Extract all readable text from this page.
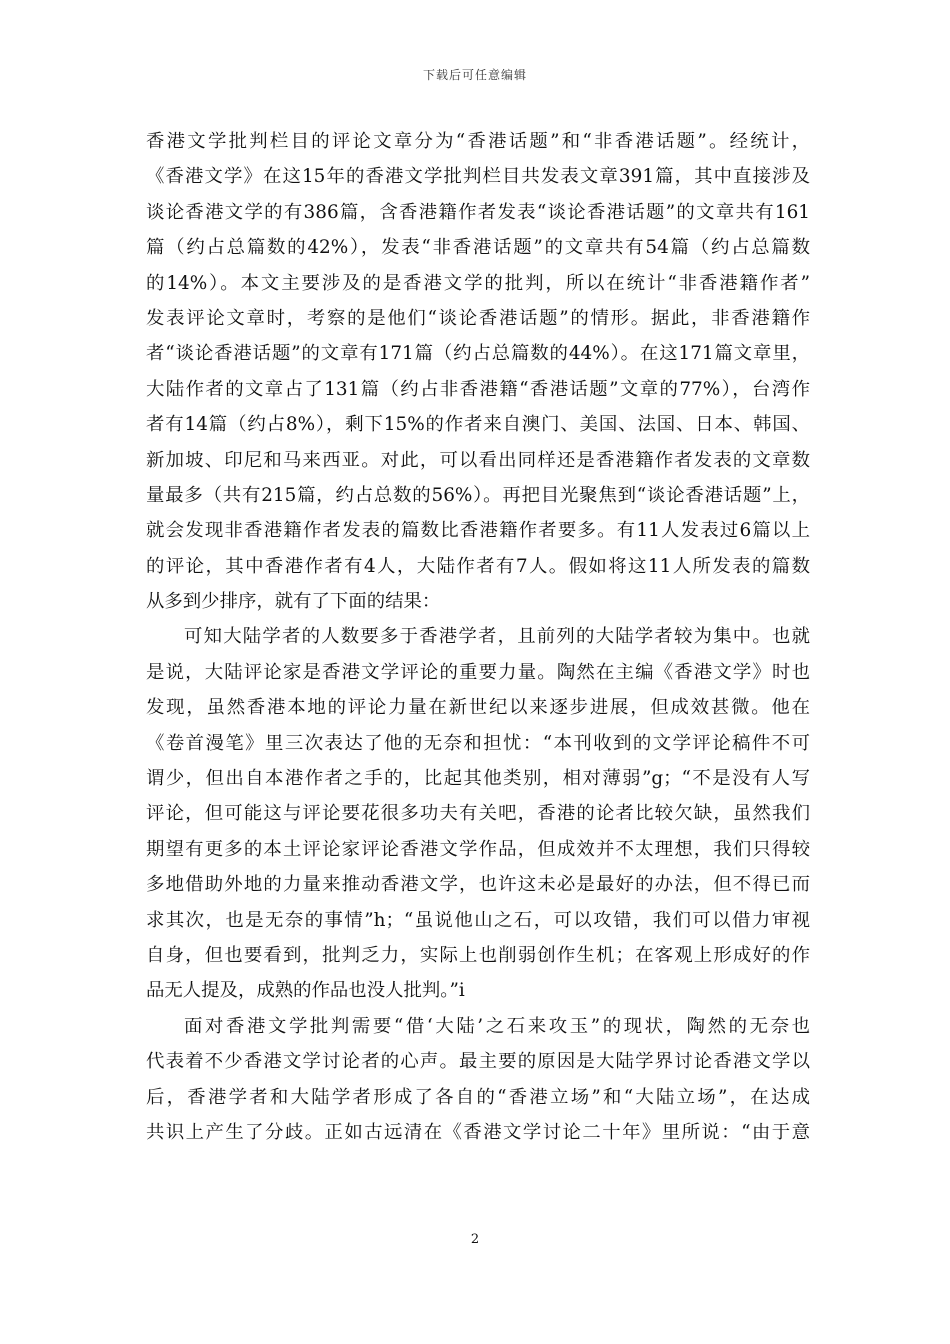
下载后可任意编辑
香港文学批判栏目的评论文章分为“香港话题”和“非香港话题”。经统计，
《香港文学》在这15年的香港文学批判栏目共发表文章391篇，其中直接涉及
谈论香港文学的有386篇，含香港籍作者发表“谈论香港话题”的文章共有161
篇（约占总篇数的42%），发表“非香港话题”的文章共有54篇（约占总篇数
的14%）。本文主要涉及的是香港文学的批判，所以在统计“非香港籍作者”
发表评论文章时，考察的是他们“谈论香港话题”的情形。据此，非香港籍作
者“谈论香港话题”的文章有171篇（约占总篇数的44%）。在这171篇文章里，
大陆作者的文章占了131篇（约占非香港籍“香港话题”文章的77%），台湾作
者有14篇（约占8%），剩下15%的作者来自澳门、美国、法国、日本、韩国、
新加坡、印尼和马来西亚。对此，可以看出同样还是香港籍作者发表的文章数
量最多（共有215篇，约占总数的56%）。再把目光聚焦到“谈论香港话题”上，
就会发现非香港籍作者发表的篇数比香港籍作者要多。有11人发表过6篇以上
的评论，其中香港作者有4人，大陆作者有7人。假如将这11人所发表的篇数
从多到少排序，就有了下面的结果：
可知大陆学者的人数要多于香港学者，且前列的大陆学者较为集中。也就
是说，大陆评论家是香港文学评论的重要力量。陶然在主编《香港文学》时也
发现，虽然香港本地的评论力量在新世纪以来逐步进展，但成效甚微。他在
《卷首漫笔》里三次表达了他的无奈和担忧：“本刊收到的文学评论稿件不可
谓少，但出自本港作者之手的，比起其他类别，相对薄弱”g；“不是没有人写
评论，但可能这与评论要花很多功夫有关吧，香港的论者比较欠缺，虽然我们
期望有更多的本土评论家评论香港文学作品，但成效并不太理想，我们只得较
多地借助外地的力量来推动香港文学，也许这未必是最好的办法，但不得已而
求其次，也是无奈的事情”h；“虽说他山之石，可以攻错，我们可以借力审视
自身，但也要看到，批判乏力，实际上也削弱创作生机；在客观上形成好的作
品无人提及，成熟的作品也没人批判。”i
面对香港文学批判需要“借‘大陆’之石来攻玉”的现状，陶然的无奈也
代表着不少香港文学讨论者的心声。最主要的原因是大陆学界讨论香港文学以
后，香港学者和大陆学者形成了各自的“香港立场”和“大陆立场”，在达成
共识上产生了分歧。正如古远清在《香港文学讨论二十年》里所说：“由于意
2
